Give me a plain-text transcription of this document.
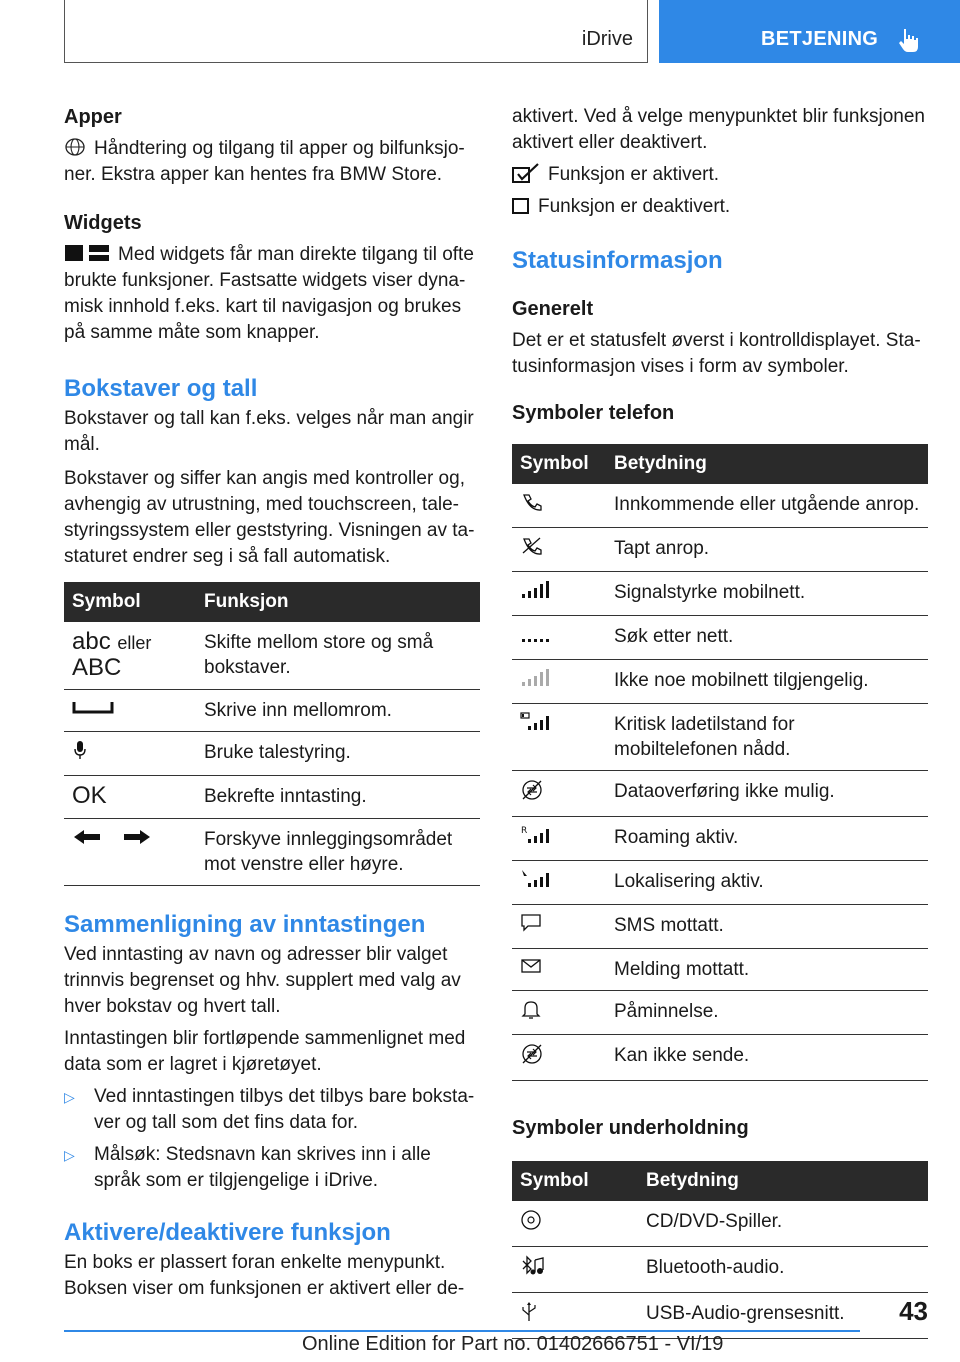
iDrive	BETJENING
Apper

Håndtering og tilgang til apper og bilfunksjo-ner. Ekstra apper kan hentes fra BMW Store.

Widgets

Med widgets får man direkte tilgang til ofte brukte funksjoner. Fastsatte widgets viser dyna-misk innhold f.eks. kart til navigasjon og brukes på samme måte som knapper.

Bokstaver og tall

Bokstaver og tall kan f.eks. velges når man angir mål.

Bokstaver og siffer kan angis med kontroller og, avhengig av utrustning, med touchscreen, tale-styringssystem eller geststyring. Visningen av ta-staturet endrer seg i så fall automatisk.

Symbol	Funksjon

abc eller
ABC	Skifte mellom store og små bokstaver.
	Skrive inn mellomrom.
	Bruke talestyring.
OK	Bekrefte inntasting.
	Forskyve innleggingsområdet mot venstre eller høyre.
Sammenligning av inntastingen

Ved inntasting av navn og adresser blir valget trinnvis begrenset og hhv. supplert med valg av hver bokstav og hvert tall.

Inntastingen blir fortløpende sammenlignet med data som er lagret i kjøretøyet.

▷ Ved inntastingen tilbys det tilbys bare boksta-ver og tall som det fins data for.
▷ Målsøk: Stedsnavn kan skrives inn i alle språk som er tilgjengelige i iDrive.
Aktivere/deaktivere funksjon

En boks er plassert foran enkelte menypunkt. Boksen viser om funksjonen er aktivert eller de-

aktivert. Ved å velge menypunktet blir funksjonen aktivert eller deaktivert.

Funksjon er aktivert.

Funksjon er deaktivert.

Statusinformasjon
Generelt

Det er et statusfelt øverst i kontrolldisplayet. Sta-tusinformasjon vises i form av symboler.

Symboler telefon
Symbol	Betydning
	Innkommende eller utgående anrop.
	Tapt anrop.
	Signalstyrke mobilnett.
	Søk etter nett.
	Ikke noe mobilnett tilgjengelig.
	Kritisk ladetilstand for mobiltelefonen nådd.
	Dataoverføring ikke mulig.

R	Roaming aktiv.
	Lokalisering aktiv.
	SMS mottatt.
	Melding mottatt.
	Påminnelse.
	Kan ikke sende.
Symboler underholdning
Symbol	Betydning
	CD/DVD-Spiller.
	Bluetooth-audio.
	USB-Audio-grensesnitt. 43
Online Edition for Part no. 01402666751 - VI/19
